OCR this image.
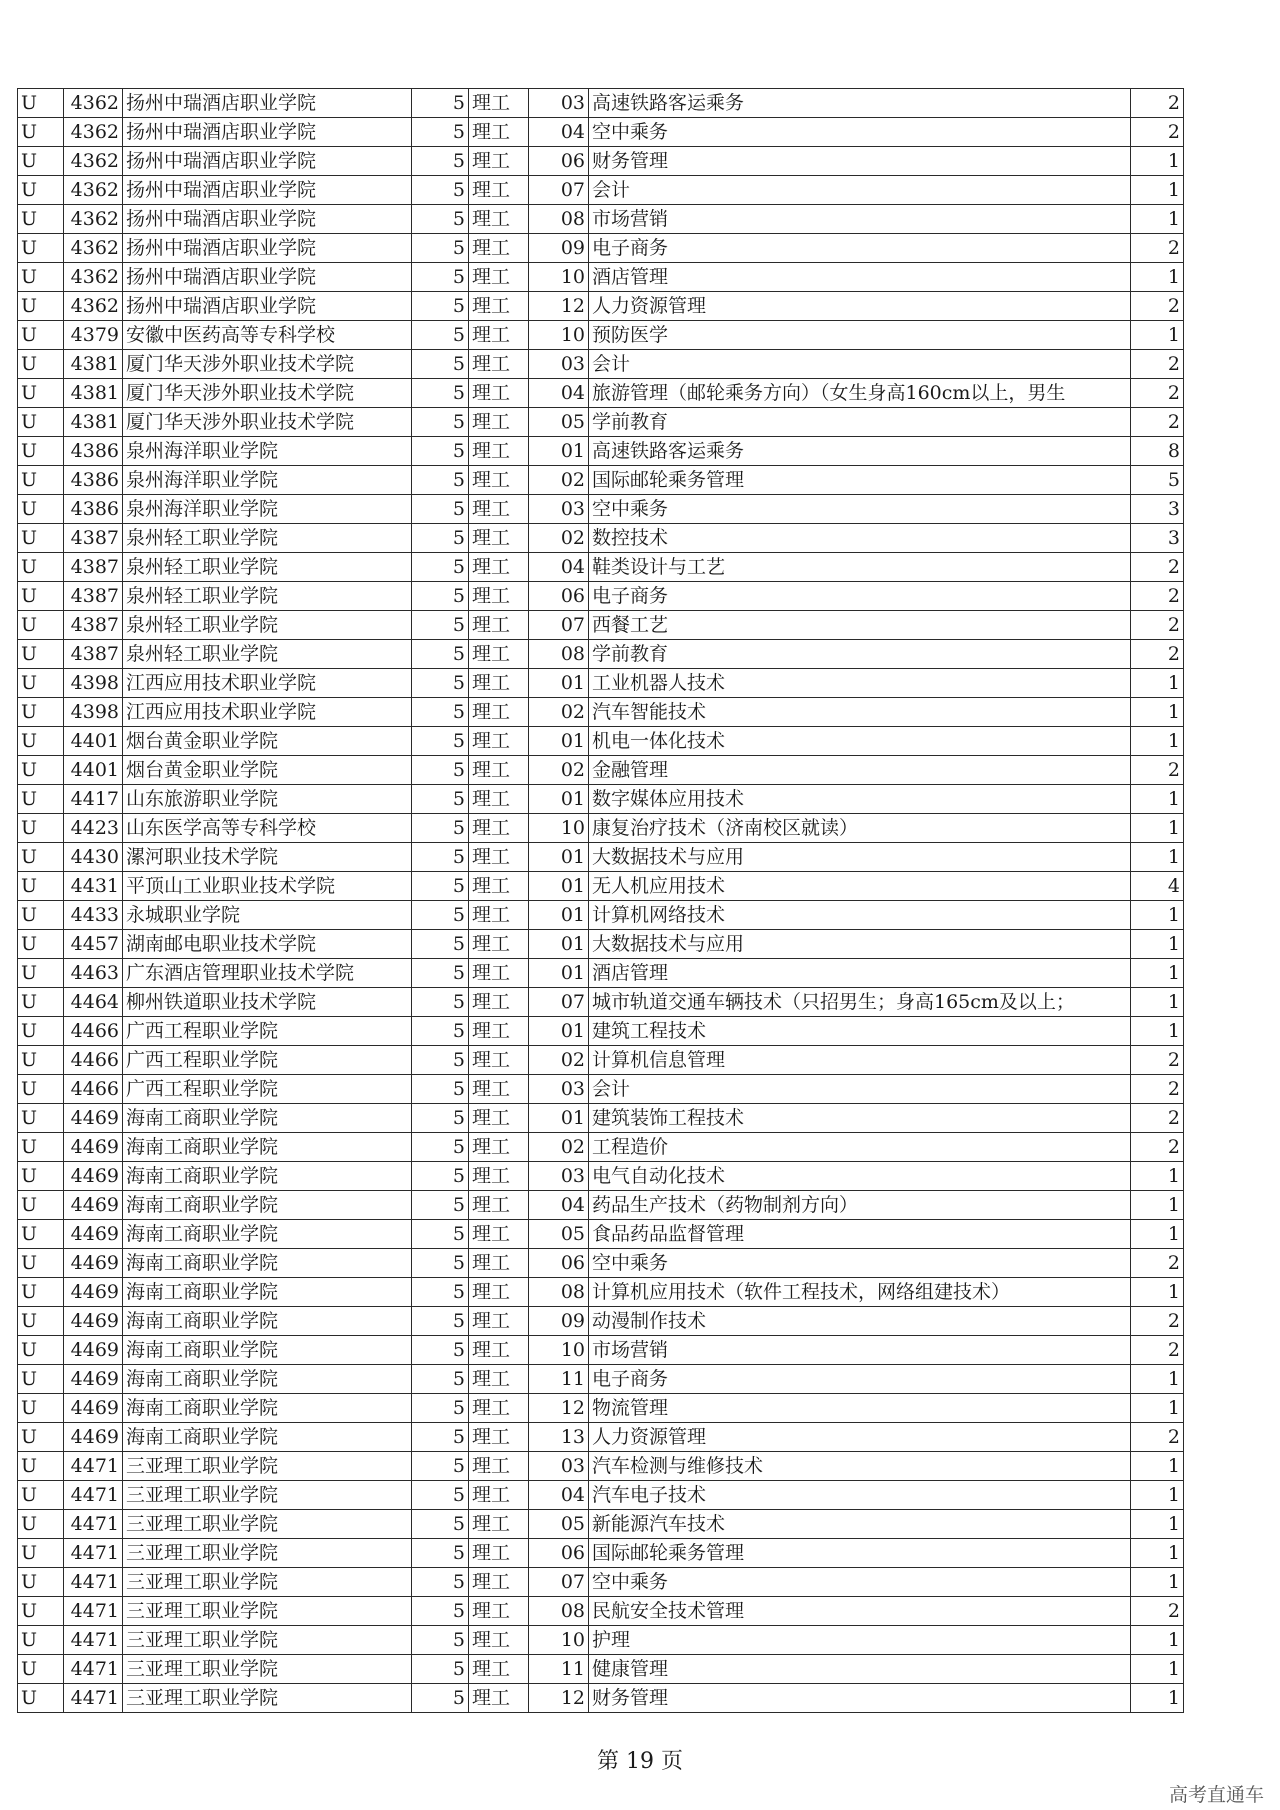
U	4362	扬州中瑞酒店职业学院	5	理工	03	高速铁路客运乘务	2
U	4362	扬州中瑞酒店职业学院	5	理工	04	空中乘务	2
U	4362	扬州中瑞酒店职业学院	5	理工	06	财务管理	1
U	4362	扬州中瑞酒店职业学院	5	理工	07	会计	1
U	4362	扬州中瑞酒店职业学院	5	理工	08	市场营销	1
U	4362	扬州中瑞酒店职业学院	5	理工	09	电子商务	2
U	4362	扬州中瑞酒店职业学院	5	理工	10	酒店管理	1
U	4362	扬州中瑞酒店职业学院	5	理工	12	人力资源管理	2
U	4379	安徽中医药高等专科学校	5	理工	10	预防医学	1
U	4381	厦门华天涉外职业技术学院	5	理工	03	会计	2
U	4381	厦门华天涉外职业技术学院	5	理工	04	旅游管理（邮轮乘务方向）（女生身高160cm以上，男生	2
U	4381	厦门华天涉外职业技术学院	5	理工	05	学前教育	2
U	4386	泉州海洋职业学院	5	理工	01	高速铁路客运乘务	8
U	4386	泉州海洋职业学院	5	理工	02	国际邮轮乘务管理	5
U	4386	泉州海洋职业学院	5	理工	03	空中乘务	3
U	4387	泉州轻工职业学院	5	理工	02	数控技术	3
U	4387	泉州轻工职业学院	5	理工	04	鞋类设计与工艺	2
U	4387	泉州轻工职业学院	5	理工	06	电子商务	2
U	4387	泉州轻工职业学院	5	理工	07	西餐工艺	2
U	4387	泉州轻工职业学院	5	理工	08	学前教育	2
U	4398	江西应用技术职业学院	5	理工	01	工业机器人技术	1
U	4398	江西应用技术职业学院	5	理工	02	汽车智能技术	1
U	4401	烟台黄金职业学院	5	理工	01	机电一体化技术	1
U	4401	烟台黄金职业学院	5	理工	02	金融管理	2
U	4417	山东旅游职业学院	5	理工	01	数字媒体应用技术	1
U	4423	山东医学高等专科学校	5	理工	10	康复治疗技术（济南校区就读）	1
U	4430	漯河职业技术学院	5	理工	01	大数据技术与应用	1
U	4431	平顶山工业职业技术学院	5	理工	01	无人机应用技术	4
U	4433	永城职业学院	5	理工	01	计算机网络技术	1
U	4457	湖南邮电职业技术学院	5	理工	01	大数据技术与应用	1
U	4463	广东酒店管理职业技术学院	5	理工	01	酒店管理	1
U	4464	柳州铁道职业技术学院	5	理工	07	城市轨道交通车辆技术（只招男生；身高165cm及以上；	1
U	4466	广西工程职业学院	5	理工	01	建筑工程技术	1
U	4466	广西工程职业学院	5	理工	02	计算机信息管理	2
U	4466	广西工程职业学院	5	理工	03	会计	2
U	4469	海南工商职业学院	5	理工	01	建筑装饰工程技术	2
U	4469	海南工商职业学院	5	理工	02	工程造价	2
U	4469	海南工商职业学院	5	理工	03	电气自动化技术	1
U	4469	海南工商职业学院	5	理工	04	药品生产技术（药物制剂方向）	1
U	4469	海南工商职业学院	5	理工	05	食品药品监督管理	1
U	4469	海南工商职业学院	5	理工	06	空中乘务	2
U	4469	海南工商职业学院	5	理工	08	计算机应用技术（软件工程技术，网络组建技术）	1
U	4469	海南工商职业学院	5	理工	09	动漫制作技术	2
U	4469	海南工商职业学院	5	理工	10	市场营销	2
U	4469	海南工商职业学院	5	理工	11	电子商务	1
U	4469	海南工商职业学院	5	理工	12	物流管理	1
U	4469	海南工商职业学院	5	理工	13	人力资源管理	2
U	4471	三亚理工职业学院	5	理工	03	汽车检测与维修技术	1
U	4471	三亚理工职业学院	5	理工	04	汽车电子技术	1
U	4471	三亚理工职业学院	5	理工	05	新能源汽车技术	1
U	4471	三亚理工职业学院	5	理工	06	国际邮轮乘务管理	1
U	4471	三亚理工职业学院	5	理工	07	空中乘务	1
U	4471	三亚理工职业学院	5	理工	08	民航安全技术管理	2
U	4471	三亚理工职业学院	5	理工	10	护理	1
U	4471	三亚理工职业学院	5	理工	11	健康管理	1
U	4471	三亚理工职业学院	5	理工	12	财务管理	1
第 19 页
高考直通车
